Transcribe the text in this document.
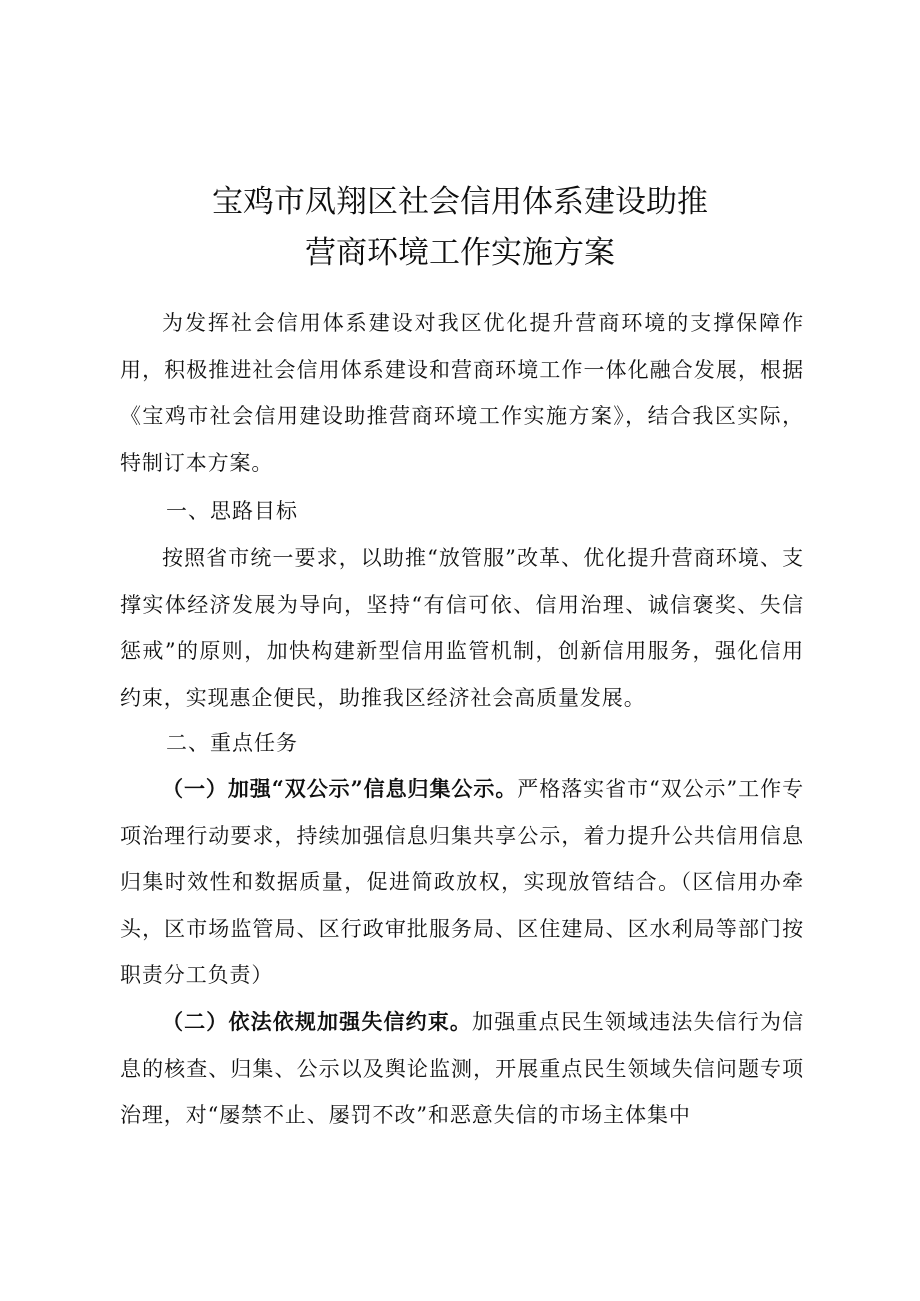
宝鸡市凤翔区社会信用体系建设助推
营商环境工作实施方案

为发挥社会信用体系建设对我区优化提升营商环境的支撑保障作用，积极推进社会信用体系建设和营商环境工作一体化融合发展，根据《宝鸡市社会信用建设助推营商环境工作实施方案》，结合我区实际，特制订本方案。

一、思路目标

按照省市统一要求，以助推“放管服”改革、优化提升营商环境、支撑实体经济发展为导向，坚持“有信可依、信用治理、诚信褒奖、失信惩戒”的原则，加快构建新型信用监管机制，创新信用服务，强化信用约束，实现惠企便民，助推我区经济社会高质量发展。

二、重点任务

（一）加强“双公示”信息归集公示。严格落实省市“双公示”工作专项治理行动要求，持续加强信息归集共享公示，着力提升公共信用信息归集时效性和数据质量，促进简政放权，实现放管结合。（区信用办牵头，区市场监管局、区行政审批服务局、区住建局、区水利局等部门按职责分工负责）

（二）依法依规加强失信约束。加强重点民生领域违法失信行为信息的核查、归集、公示以及舆论监测，开展重点民生领域失信问题专项治理，对“屡禁不止、屡罚不改”和恶意失信的市场主体集中
